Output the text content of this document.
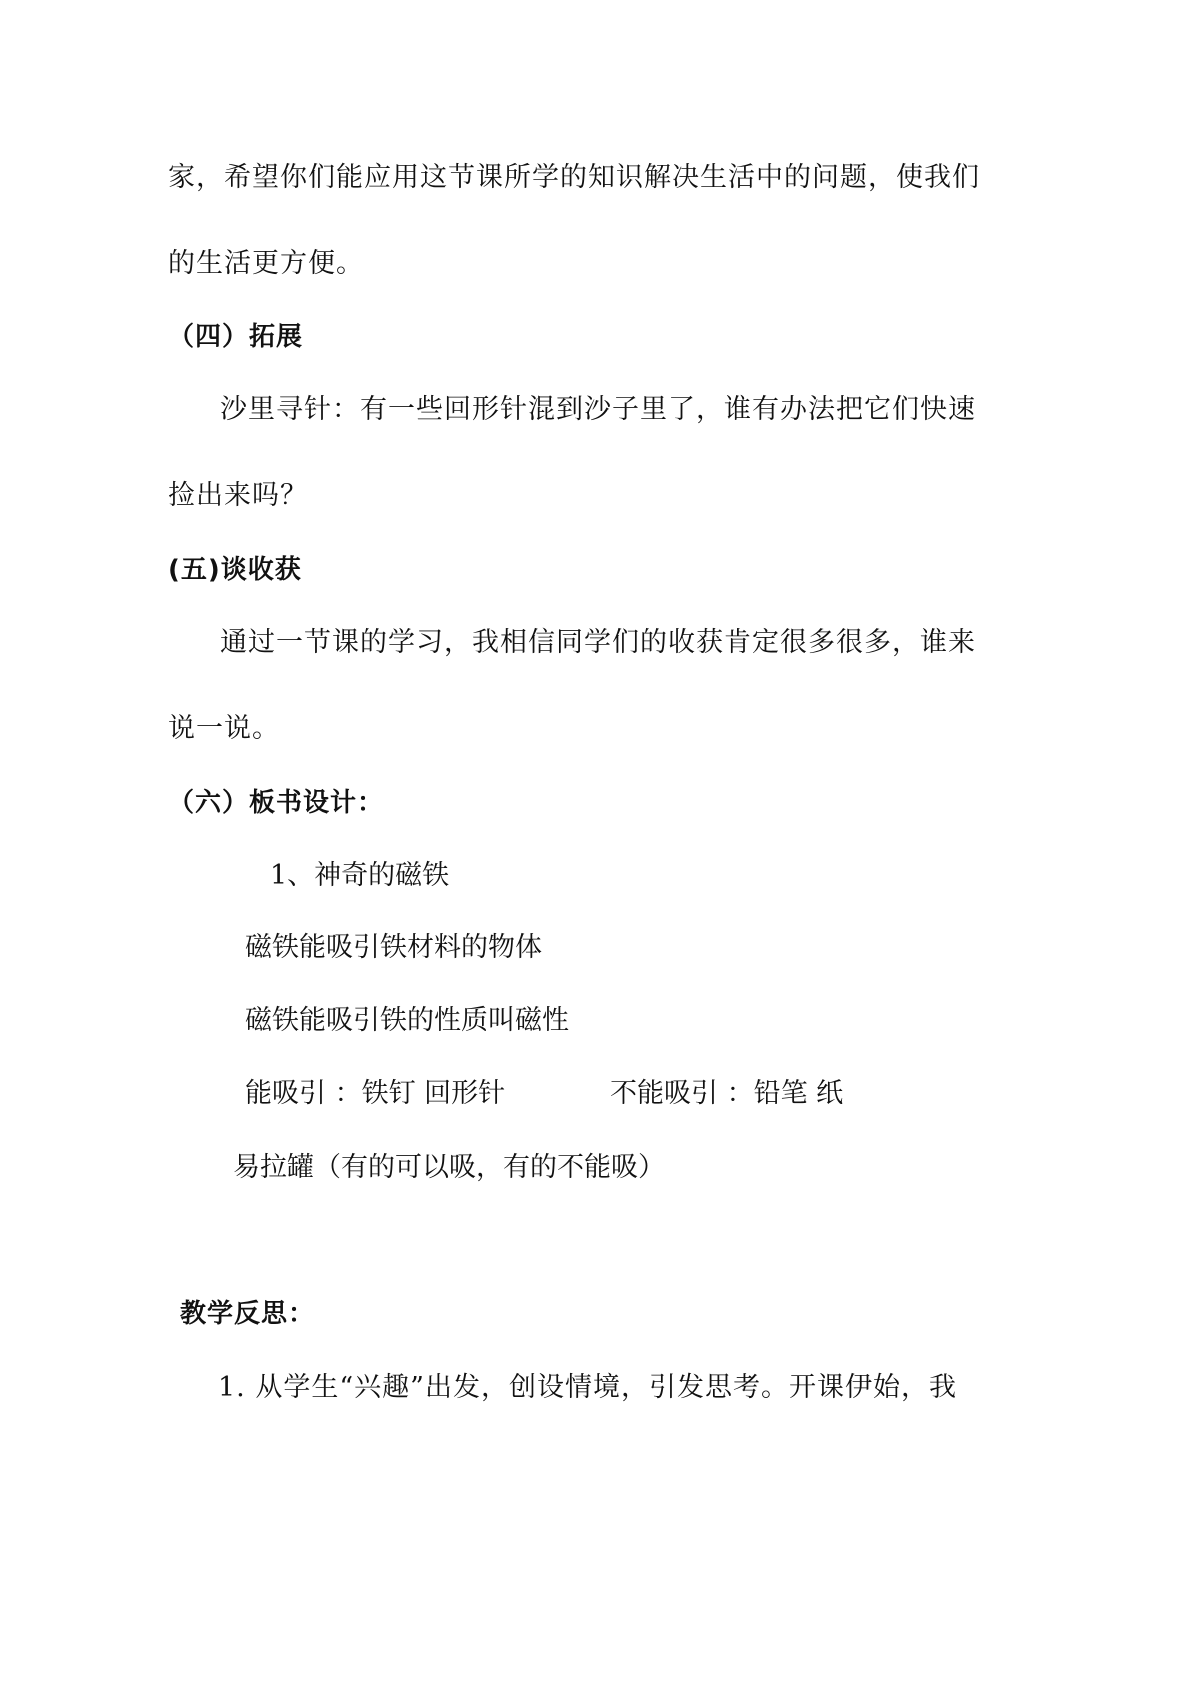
家，希望你们能应用这节课所学的知识解决生活中的问题，使我们
的生活更方便。
（四）拓展
沙里寻针：有一些回形针混到沙子里了，谁有办法把它们快速
捡出来吗？
(五)谈收获
通过一节课的学习，我相信同学们的收获肯定很多很多，谁来
说一说。
（六）板书设计：
1、神奇的磁铁
磁铁能吸引铁材料的物体
磁铁能吸引铁的性质叫磁性
能吸引 ：铁钉 回形针	不能吸引 ：铅笔 纸
易拉罐（有的可以吸，有的不能吸）
教学反思：
1. 从学生“兴趣”出发，创设情境，引发思考。开课伊始，我
